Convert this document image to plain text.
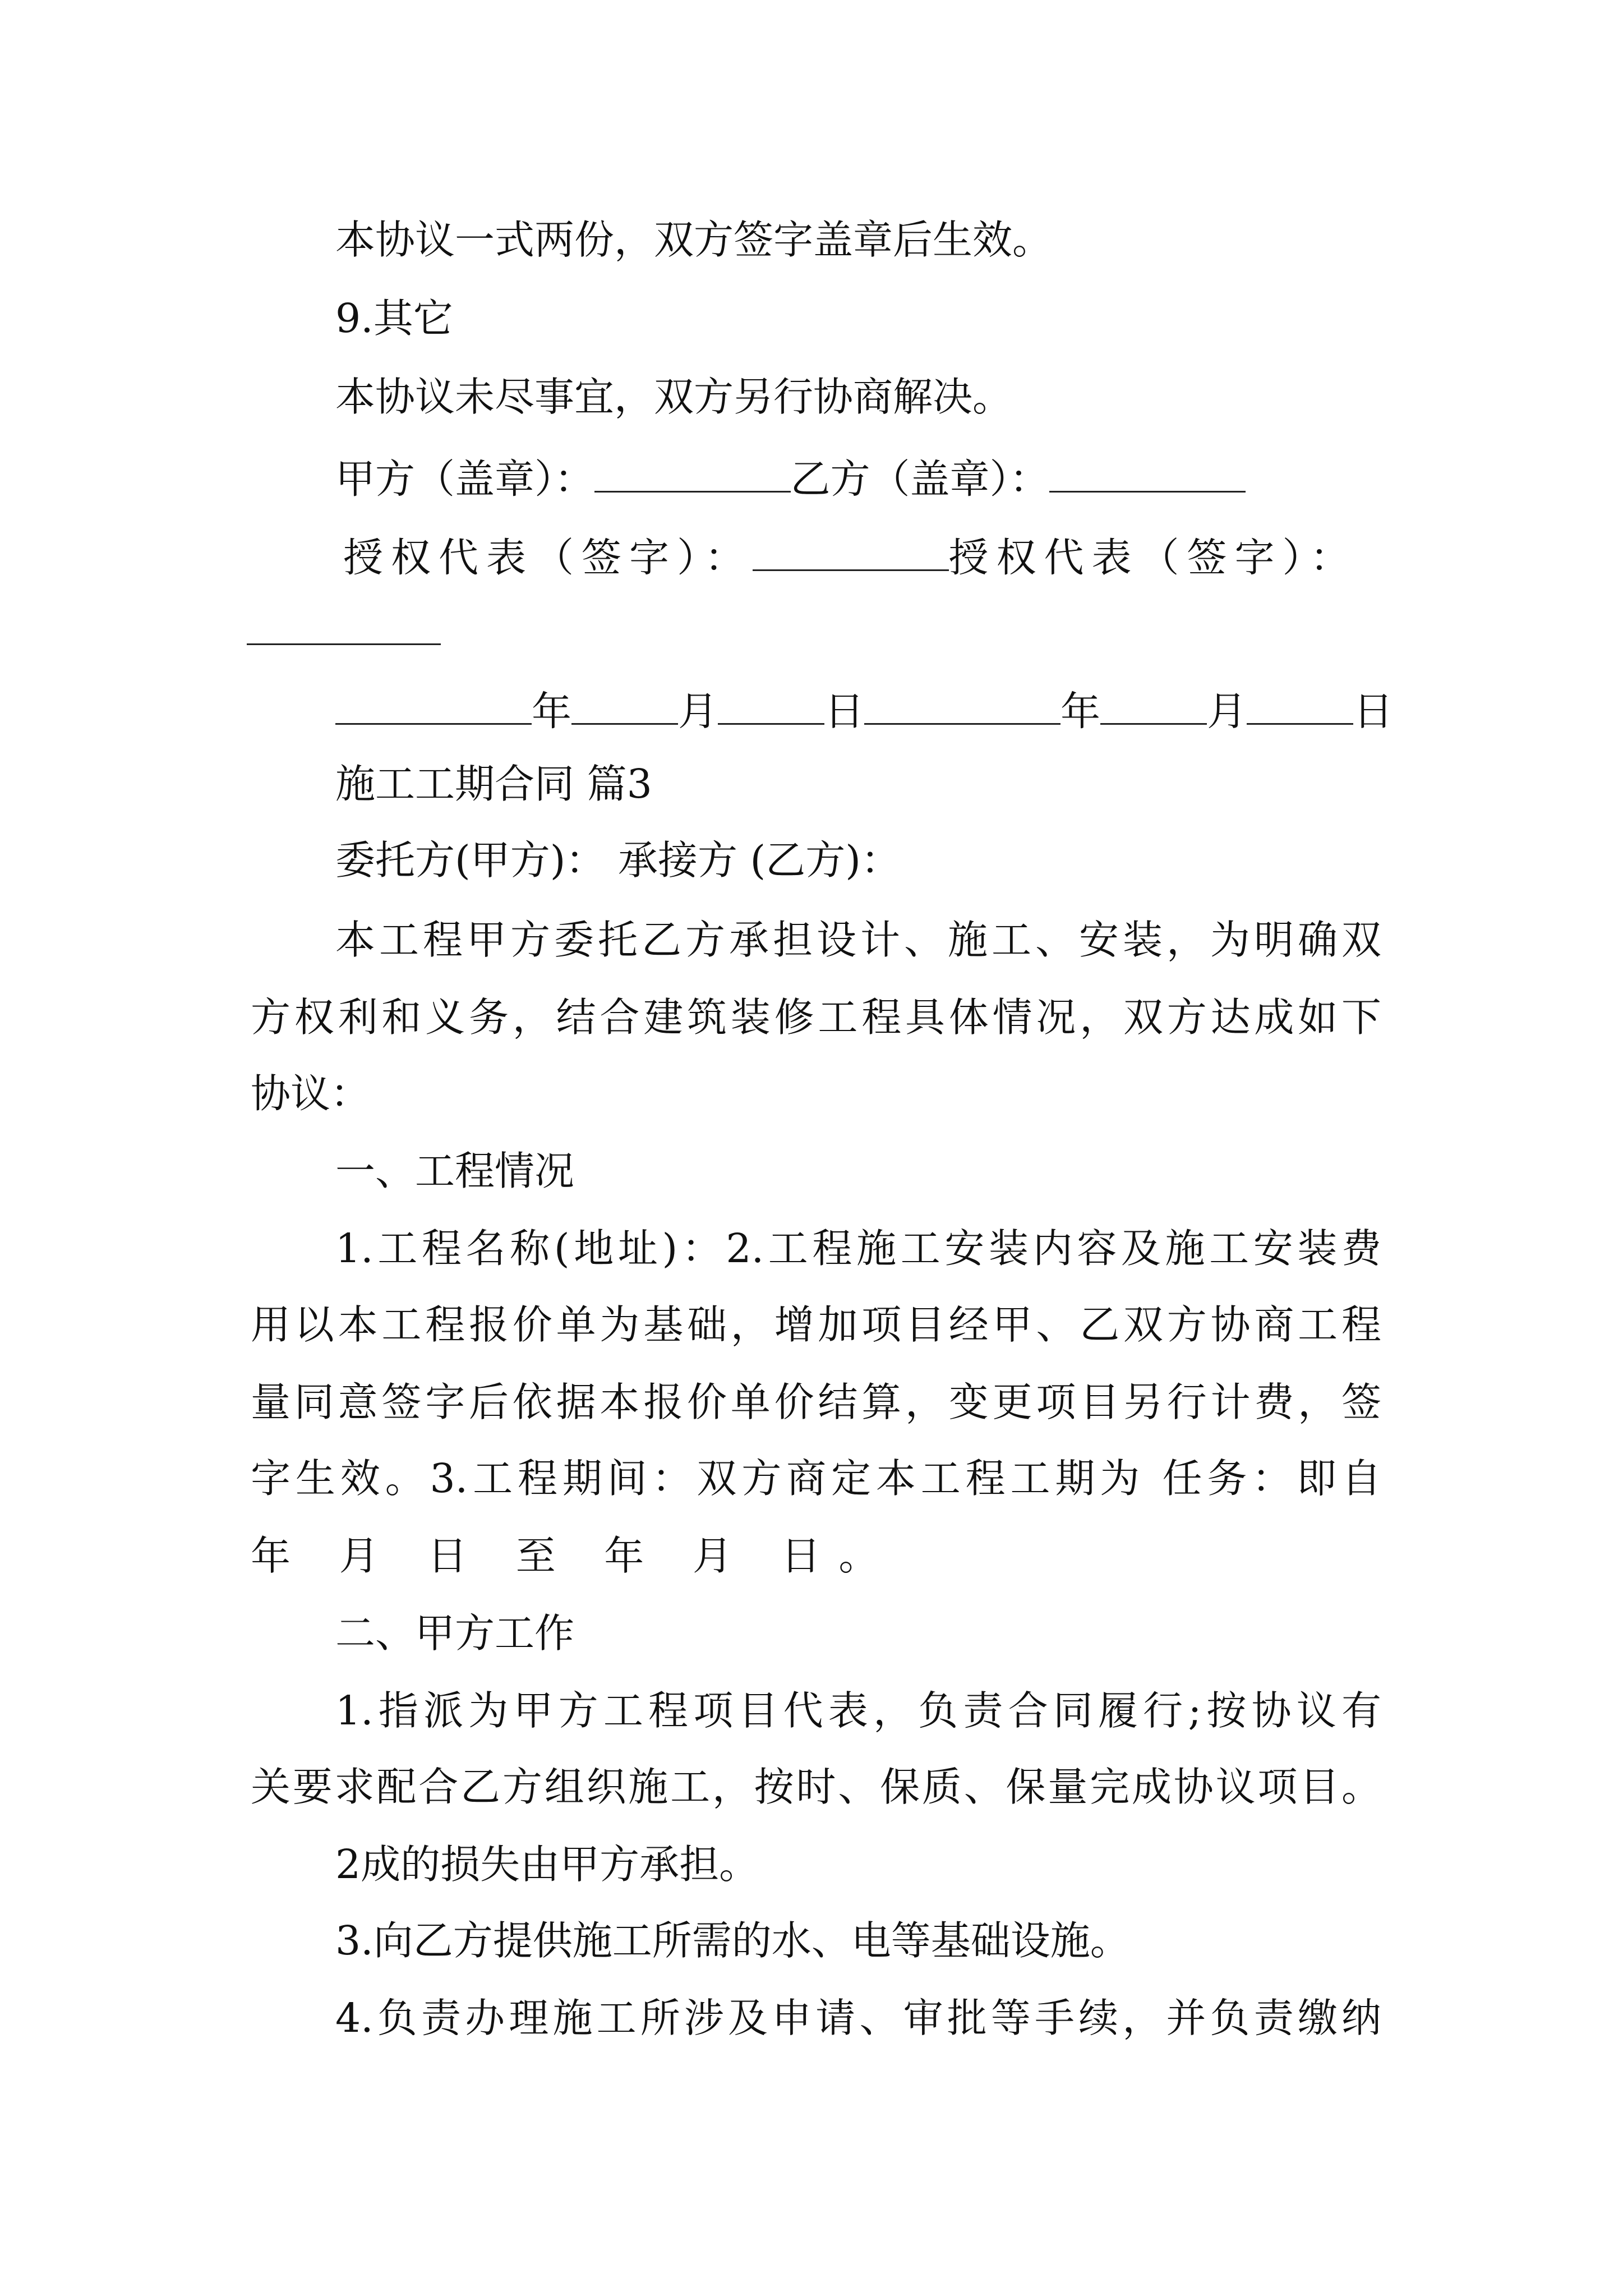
本协议一式两份，双方签字盖章后生效。
9.其它
本协议未尽事宜，双方另行协商解决。
甲方（盖章）：	乙方（盖章）：
授权代表（签字）：	授权代表（签字）：
年	月	日	年	月	日
施工工期合同 篇3
委托方(甲方)： 承接方 (乙方)：
本工程甲方委托乙方承担设计、施工、安装，为明确双
方权利和义务，结合建筑装修工程具体情况，双方达成如下
协议：
一、工程情况
1.工程名称(地址)：2.工程施工安装内容及施工安装费
用以本工程报价单为基础，增加项目经甲、乙双方协商工程
量同意签字后依据本报价单价结算，变更项目另行计费，签
字生效。3.工程期间：双方商定本工程工期为 任务：即自
年 月 日 至 年 月 日。
二、甲方工作
1.指派为甲方工程项目代表，负责合同履行;按协议有
关要求配合乙方组织施工，按时、保质、保量完成协议项目。
2成的损失由甲方承担。
3.向乙方提供施工所需的水、电等基础设施。
4.负责办理施工所涉及申请、审批等手续，并负责缴纳
